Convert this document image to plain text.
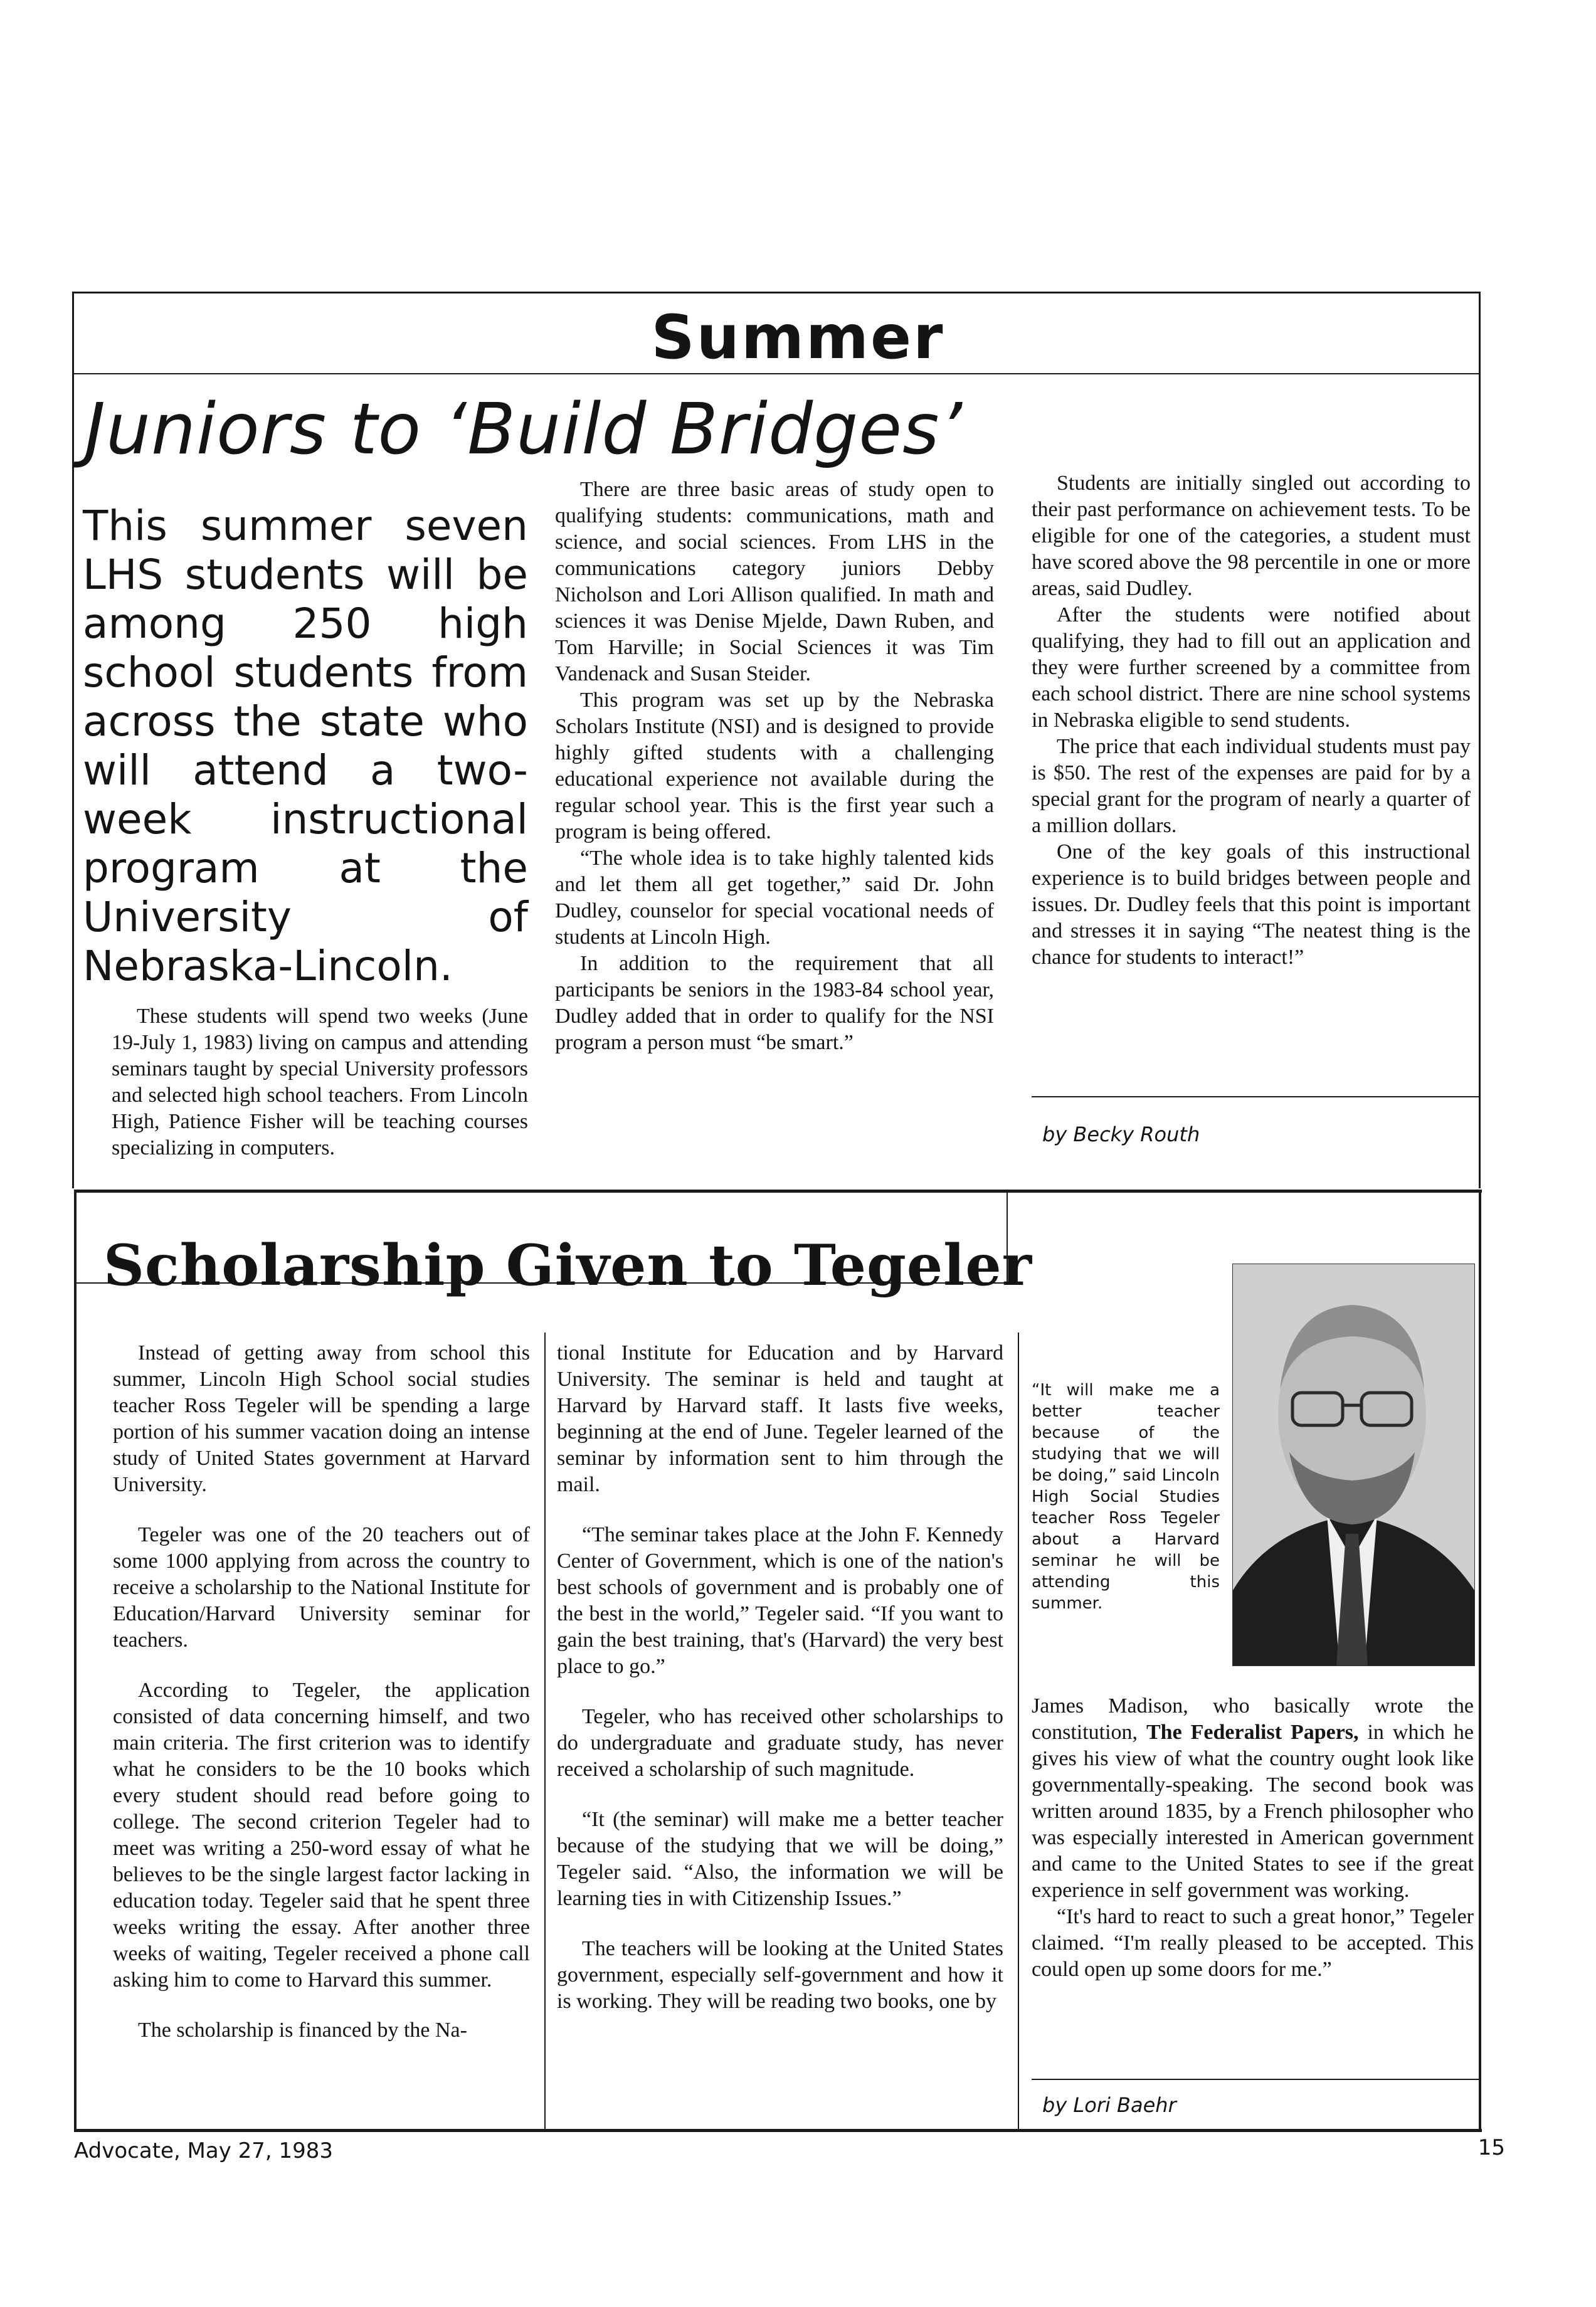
Summer
Juniors to ‘Build Bridges’
This summer seven LHS students will be among 250 high school students from across the state who will attend a two-week instructional program at the University of Nebraska-Lincoln.

These students will spend two weeks (June 19-July 1, 1983) living on campus and attending seminars taught by special University professors and selected high school teachers. From Lincoln High, Patience Fisher will be teaching courses specializing in computers.

There are three basic areas of study open to qualifying students: communications, math and science, and social sciences. From LHS in the communications category juniors Debby Nicholson and Lori Allison qualified. In math and sciences it was Denise Mjelde, Dawn Ruben, and Tom Harville; in Social Sciences it was Tim Vandenack and Susan Steider.

This program was set up by the Nebraska Scholars Institute (NSI) and is designed to provide highly gifted students with a challenging educational experience not available during the regular school year. This is the first year such a program is being offered.

“The whole idea is to take highly talented kids and let them all get together,” said Dr. John Dudley, counselor for special vocational needs of students at Lincoln High.

In addition to the requirement that all participants be seniors in the 1983-84 school year, Dudley added that in order to qualify for the NSI program a person must “be smart.”

Students are initially singled out according to their past performance on achievement tests. To be eligible for one of the categories, a student must have scored above the 98 percentile in one or more areas, said Dudley.

After the students were notified about qualifying, they had to fill out an application and they were further screened by a committee from each school district. There are nine school systems in Nebraska eligible to send students.

The price that each individual students must pay is $50. The rest of the expenses are paid for by a special grant for the program of nearly a quarter of a million dollars.

One of the key goals of this instructional experience is to build bridges between people and issues. Dr. Dudley feels that this point is important and stresses it in saying “The neatest thing is the chance for students to interact!”

by Becky Routh
Scholarship Given to Tegeler

Instead of getting away from school this summer, Lincoln High School social studies teacher Ross Tegeler will be spending a large portion of his summer vacation doing an intense study of United States government at Harvard University.

Tegeler was one of the 20 teachers out of some 1000 applying from across the country to receive a scholarship to the National Institute for Education/Harvard University seminar for teachers.

According to Tegeler, the application consisted of data concerning himself, and two main criteria. The first criterion was to identify what he considers to be the 10 books which every student should read before going to college. The second criterion Tegeler had to meet was writing a 250-word essay of what he believes to be the single largest factor lacking in education today. Tegeler said that he spent three weeks writing the essay. After another three weeks of waiting, Tegeler received a phone call asking him to come to Harvard this summer.

The scholarship is financed by the Na-

tional Institute for Education and by Harvard University. The seminar is held and taught at Harvard by Harvard staff. It lasts five weeks, beginning at the end of June. Tegeler learned of the seminar by information sent to him through the mail.

“The seminar takes place at the John F. Kennedy Center of Government, which is one of the nation's best schools of government and is probably one of the best in the world,” Tegeler said. “If you want to gain the best training, that's (Harvard) the very best place to go.”

Tegeler, who has received other scholarships to do undergraduate and graduate study, has never received a scholarship of such magnitude.

“It (the seminar) will make me a better teacher because of the studying that we will be doing,” Tegeler said. “Also, the information we will be learning ties in with Citizenship Issues.”

The teachers will be looking at the United States government, especially self-government and how it is working. They will be reading two books, one by

“It will make me a better teacher because of the studying that we will be doing,” said Lincoln High Social Studies teacher Ross Tegeler about a Harvard seminar he will be attending this summer.

James Madison, who basically wrote the constitution, The Federalist Papers, in which he gives his view of what the country ought look like governmentally-speaking. The second book was written around 1835, by a French philosopher who was especially interested in American government and came to the United States to see if the great experience in self government was working.

“It's hard to react to such a great honor,” Tegeler claimed. “I'm really pleased to be accepted. This could open up some doors for me.”

by Lori Baehr
Advocate, May 27, 1983	15
